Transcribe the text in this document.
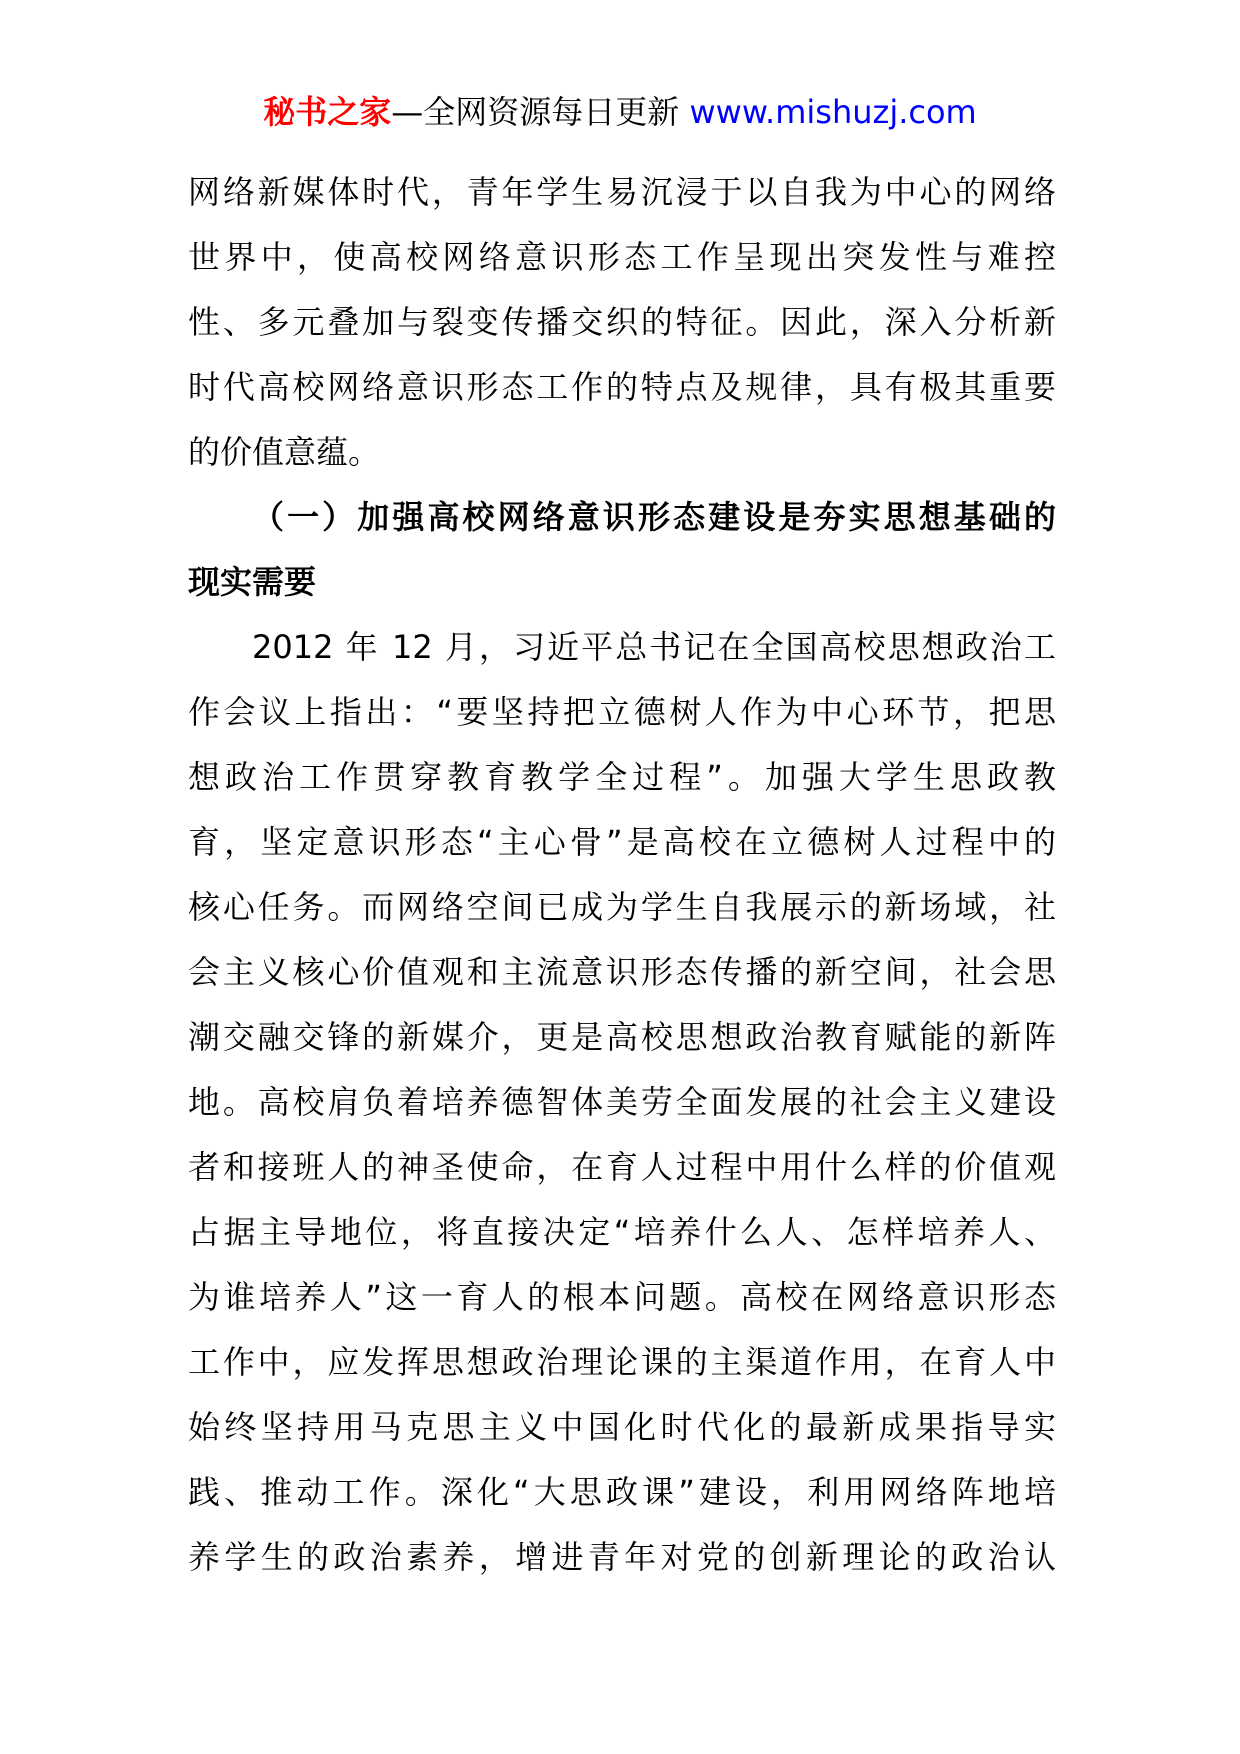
秘书之家—全网资源每日更新 www.mishuzj.com
网络新媒体时代，青年学生易沉浸于以自我为中心的网络
世界中，使高校网络意识形态工作呈现出突发性与难控
性、多元叠加与裂变传播交织的特征。因此，深入分析新
时代高校网络意识形态工作的特点及规律，具有极其重要
的价值意蕴。
（一）加强高校网络意识形态建设是夯实思想基础的
现实需要
2012 年 12 月，习近平总书记在全国高校思想政治工
作会议上指出：“要坚持把立德树人作为中心环节，把思
想政治工作贯穿教育教学全过程”。加强大学生思政教
育，坚定意识形态“主心骨”是高校在立德树人过程中的
核心任务。而网络空间已成为学生自我展示的新场域，社
会主义核心价值观和主流意识形态传播的新空间，社会思
潮交融交锋的新媒介，更是高校思想政治教育赋能的新阵
地。高校肩负着培养德智体美劳全面发展的社会主义建设
者和接班人的神圣使命，在育人过程中用什么样的价值观
占据主导地位，将直接决定“培养什么人、怎样培养人、
为谁培养人”这一育人的根本问题。高校在网络意识形态
工作中，应发挥思想政治理论课的主渠道作用，在育人中
始终坚持用马克思主义中国化时代化的最新成果指导实
践、推动工作。深化“大思政课”建设，利用网络阵地培
养学生的政治素养，增进青年对党的创新理论的政治认
